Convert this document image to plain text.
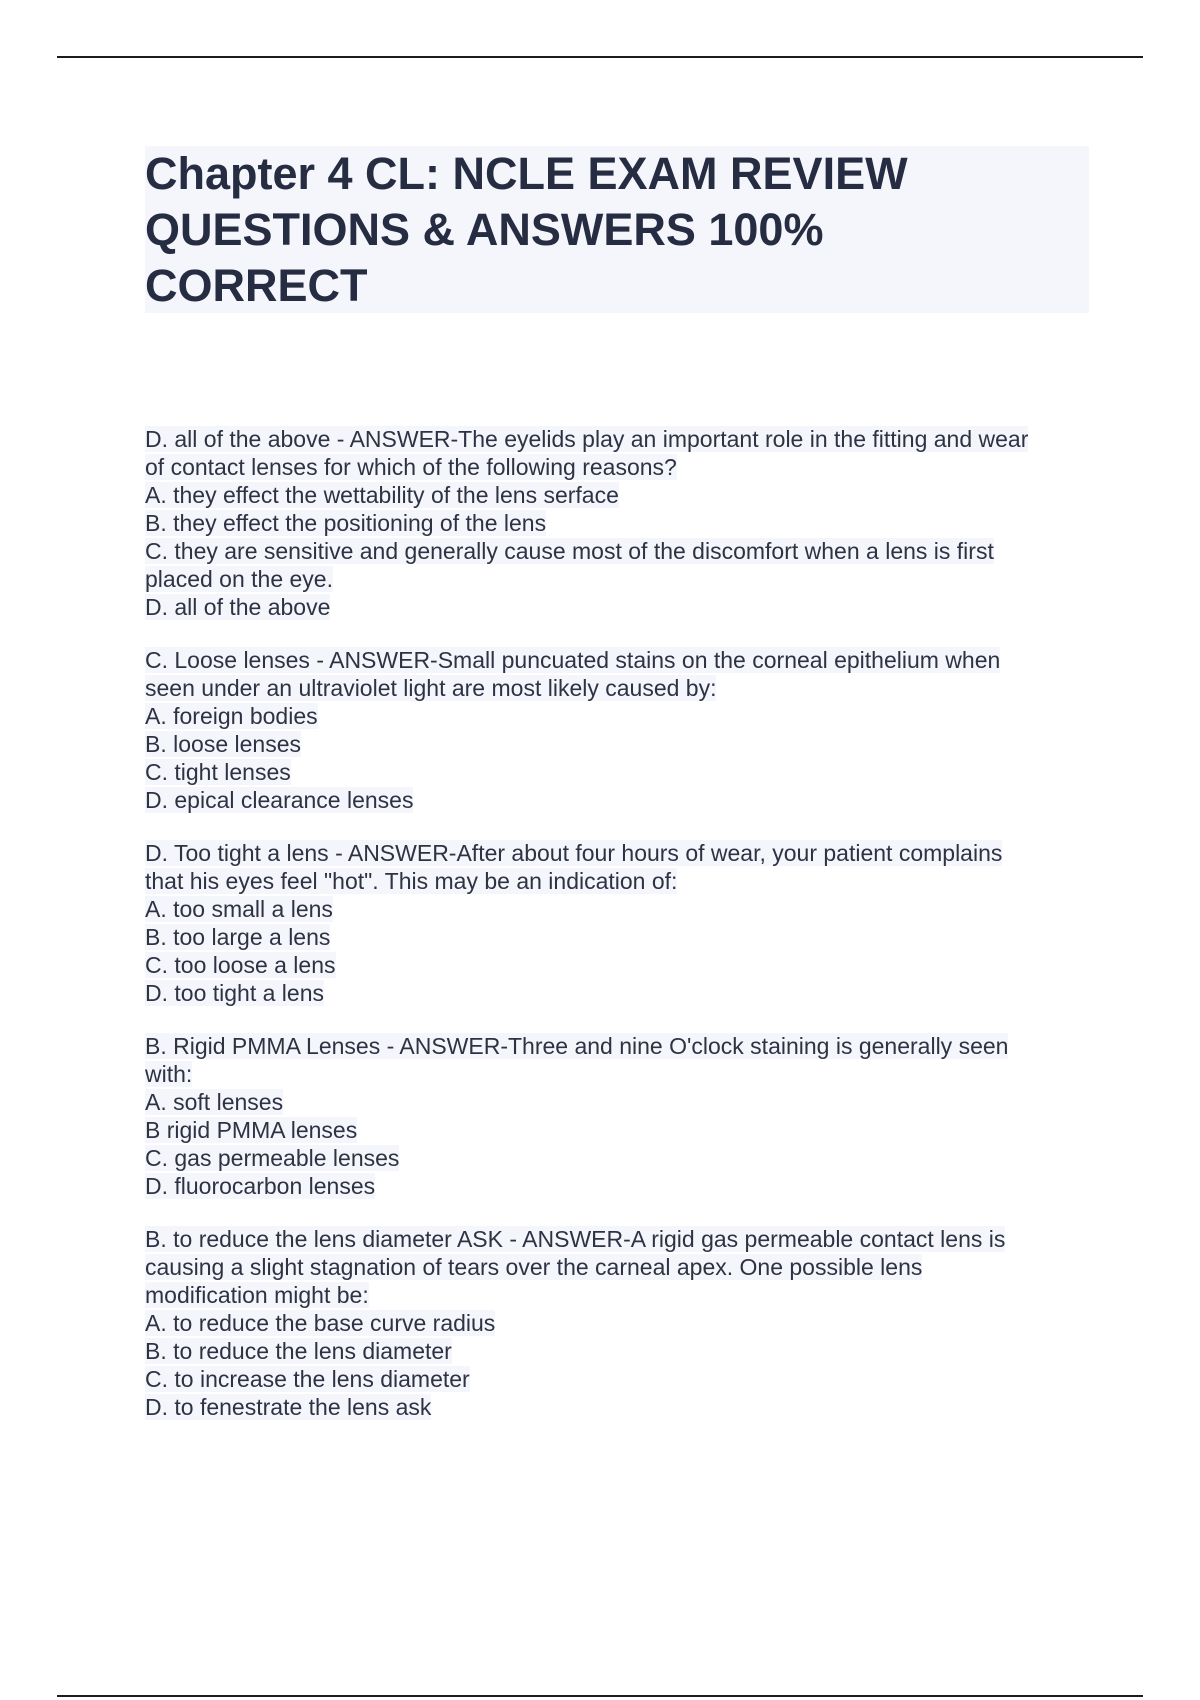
Chapter 4 CL: NCLE EXAM REVIEW
QUESTIONS & ANSWERS 100%
CORRECT
D. all of the above - ANSWER-The eyelids play an important role in the fitting and wear
of contact lenses for which of the following reasons?
A. they effect the wettability of the lens serface
B. they effect the positioning of the lens
C. they are sensitive and generally cause most of the discomfort when a lens is first
placed on the eye.
D. all of the above
C. Loose lenses - ANSWER-Small puncuated stains on the corneal epithelium when
seen under an ultraviolet light are most likely caused by:
A. foreign bodies
B. loose lenses
C. tight lenses
D. epical clearance lenses
D. Too tight a lens - ANSWER-After about four hours of wear, your patient complains
that his eyes feel "hot". This may be an indication of:
A. too small a lens
B. too large a lens
C. too loose a lens
D. too tight a lens
B. Rigid PMMA Lenses - ANSWER-Three and nine O'clock staining is generally seen
with:
A. soft lenses
B rigid PMMA lenses
C. gas permeable lenses
D. fluorocarbon lenses
B. to reduce the lens diameter ASK - ANSWER-A rigid gas permeable contact lens is
causing a slight stagnation of tears over the carneal apex. One possible lens
modification might be:
A. to reduce the base curve radius
B. to reduce the lens diameter
C. to increase the lens diameter
D. to fenestrate the lens ask
